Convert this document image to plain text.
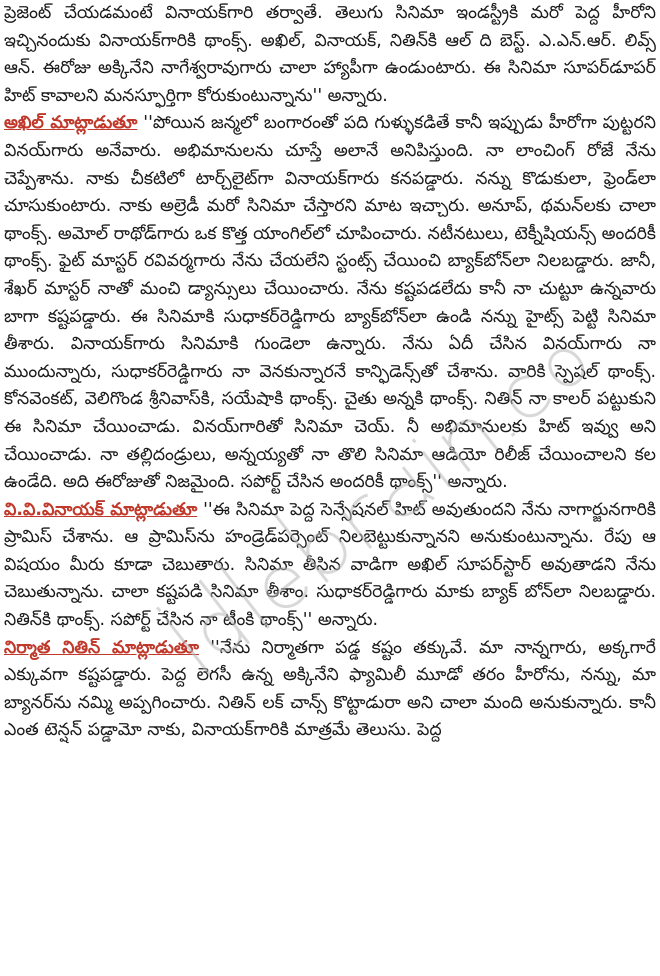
ప్రెజెంట్ చేయడమంటే వినాయక్‌గారి తర్వాతే. తెలుగు సినిమా ఇండస్ట్రీకి మరో పెద్ద హీరోని ఇచ్చినందుకు వినాయక్‌గారికి థాంక్స్. అఖిల్, వినాయక్, నితిన్‌కి ఆల్ ది బెస్ట్. ఎ.ఎన్.ఆర్. లివ్స్ ఆన్. ఈరోజు అక్కినేని నాగేశ్వరావుగారు చాలా హ్యాపీగా ఉండుంటారు. ఈ సినిమా సూపర్‌డూపర్ హిట్ కావాలని మనస్ఫూర్తిగా కోరుకుంటున్నాను'' అన్నారు.

అఖిల్ మాట్లాడుతూ ''పోయిన జన్మలో బంగారంతో పది గుళ్ళుకడితే కానీ ఇప్పుడు హీరోగా పుట్టరని వినయ్‌గారు అనేవారు. అభిమానులను చూస్తే అలానే అనిపిస్తుంది. నా లాంచింగ్ రోజే నేను చెప్పేశాను. నాకు చీకటిలో టార్చ్‌లైట్‌గా వినాయక్‌గారు కనపడ్డారు. నన్ను కొడుకులా, ఫ్రెండ్‌లా చూసుకుంటారు. నాకు అల్రెడీ మరో సినిమా చేస్తారని మాట ఇచ్చారు. అనూప్, థమన్‌లకు చాలా థాంక్స్. అమోల్ రాథోడ్‌గారు ఒక కొత్త యాంగిల్‌లో చూపించారు. నటీనటులు, టెక్నీషియన్స్ అందరికీ థాంక్స్. ఫైట్ మాస్టర్ రవివర్మగారు నేను చేయలేని స్టంట్స్ చేయించి బ్యాక్‌బోన్‌లా నిలబడ్డారు. జానీ, శేఖర్ మాస్టర్ నాతో మంచి డ్యాన్సులు చేయించారు. నేను కష్టపడలేదు కానీ నా చుట్టూ ఉన్నవారు బాగా కష్టపడ్డారు. ఈ సినిమాకి సుధాకర్‌రెడ్డిగారు బ్యాక్‌బోన్‌లా ఉండి నన్ను హైట్స్ పెట్టి సినిమా తీశారు. వినాయక్‌గారు సినిమాకి గుండెలా ఉన్నారు. నేను ఏదీ చేసిన వినయ్‌గారు నా ముందున్నారు, సుధాకర్‌రెడ్డిగారు నా వెనకున్నారనే కాన్ఫిడెన్స్‌తో చేశాను. వారికి స్పెషల్ థాంక్స్. కోనవెంకట్, వెలిగొండ శ్రీనివాస్‌కి, సయేషాకి థాంక్స్. చైతు అన్నకి థాంక్స్. నితిన్ నా కాలర్ పట్టుకుని ఈ సినిమా చేయించాడు. వినయ్‌గారితో సినిమా చెయ్. నీ అభిమానులకు హిట్ ఇవ్వు అని చేయించాడు. నా తల్లిదండ్రులు, అన్నయ్యతో నా తొలి సినిమా ఆడియో రిలీజ్ చేయించాలని కల ఉండేది. అది ఈరోజుతో నిజమైంది. సపోర్ట్ చేసిన అందరికీ థాంక్స్'' అన్నారు.

వి.వి.వినాయక్ మాట్లాడుతూ ''ఈ సినిమా పెద్ద సెన్సేషనల్ హిట్ అవుతుందని నేను నాగార్జునగారికి ప్రామిస్ చేశాను. ఆ ప్రామిస్‌ను హండ్రెడ్‌పర్సెంట్ నిలబెట్టుకున్నానని అనుకుంటున్నాను. రేపు ఆ విషయం మీరు కూడా చెబుతారు. సినిమా తీసిన వాడిగా అఖిల్ సూపర్‌స్టార్ అవుతాడని నేను చెబుతున్నాను. చాలా కష్టపడి సినిమా తీశాం. సుధాకర్‌రెడ్డిగారు మాకు బ్యాక్ బోన్‌లా నిలబడ్డారు. నితిన్‌కి థాంక్స్. సపోర్ట్ చేసిన నా టీంకి థాంక్స్'' అన్నారు.

నిర్మాత నితిన్ మాట్లాడుతూ ''నేను నిర్మాతగా పడ్డ కష్టం తక్కువే. మా నాన్నగారు, అక్కగారే ఎక్కువగా కష్టపడ్డారు. పెద్ద లెగసీ ఉన్న అక్కినేని ఫ్యామిలీ మూడో తరం హీరోను, నన్ను, మా బ్యానర్‌ను నమ్మి అప్పగించారు. నితిన్ లక్ చాన్స్ కొట్టాడురా అని చాలా మంది అనుకున్నారు. కానీ ఎంత టెన్షన్ పడ్డామో నాకు, వినాయక్‌గారికి మాత్రమే తెలుసు. పెద్ద
